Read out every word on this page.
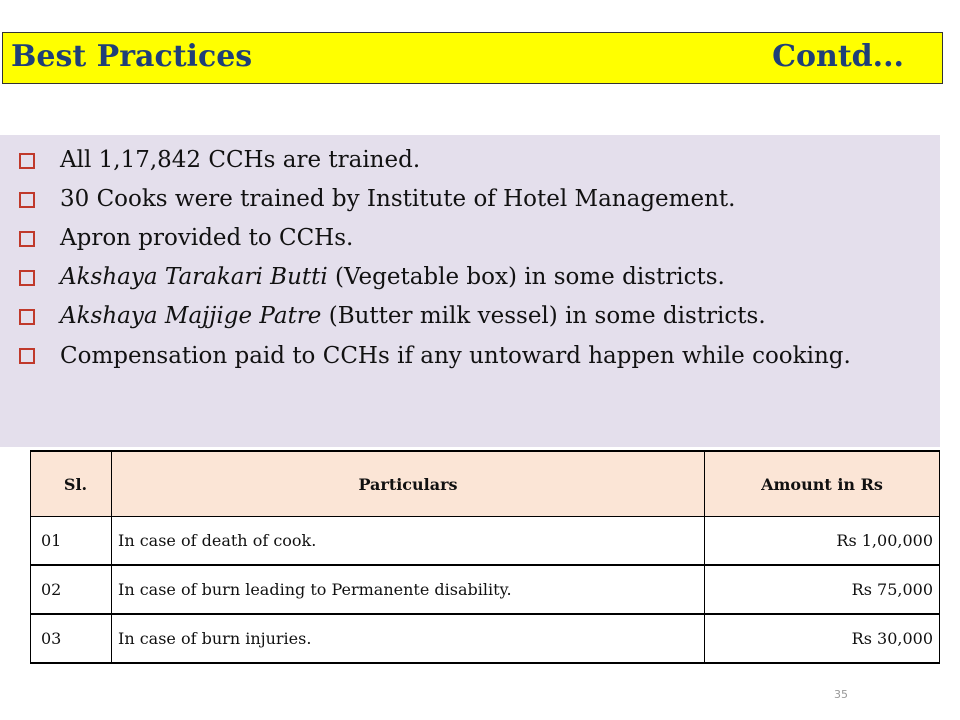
Best Practices	Contd...
All 1,17,842 CCHs are trained.
30 Cooks were trained by Institute of Hotel Management.
Apron provided to CCHs.
Akshaya Tarakari Butti (Vegetable box) in some districts.
Akshaya Majjige Patre (Butter milk vessel) in some districts.
Compensation paid to CCHs if any untoward happen while cooking.
Sl.	Particulars	Amount in Rs
01	In case of death of cook.	Rs 1,00,000
02	In case of burn leading to Permanente disability.	Rs 75,000
03	In case of burn injuries.	Rs 30,000
35
